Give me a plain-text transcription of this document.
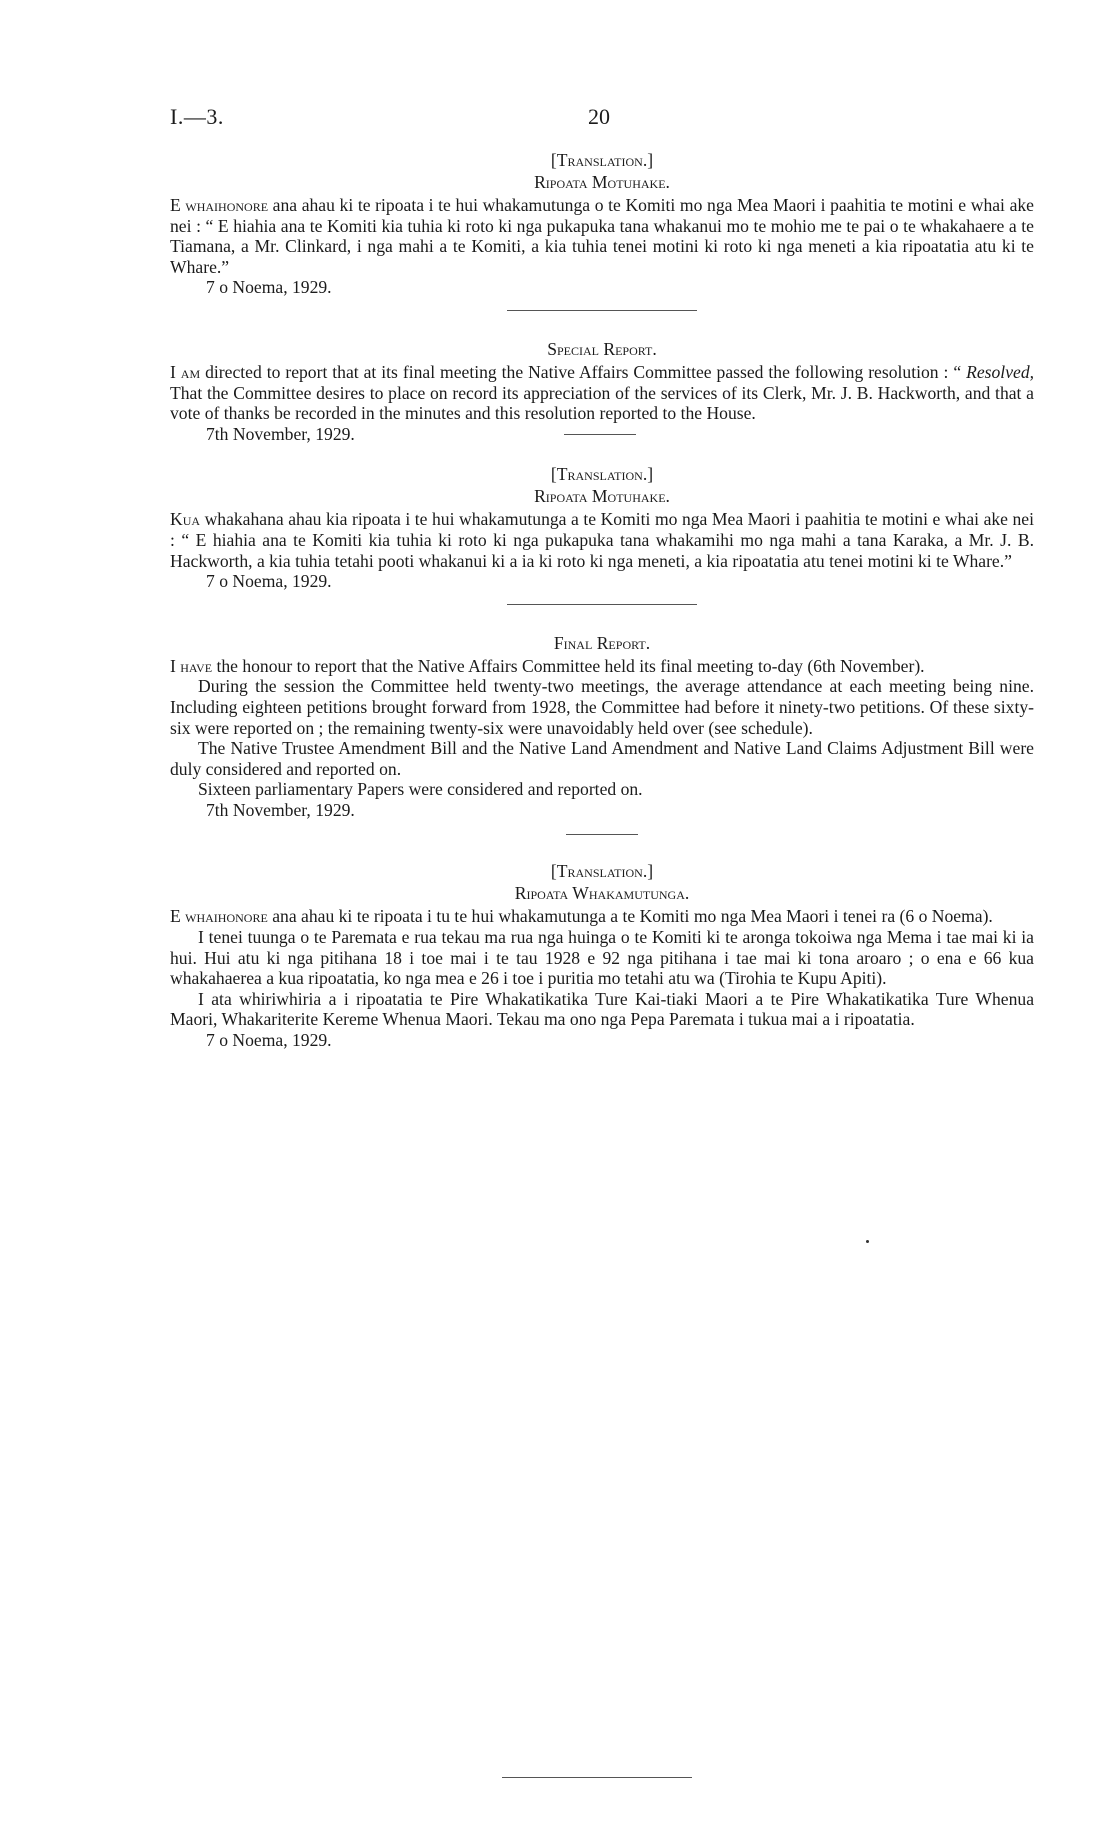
I.—3.	20
[Translation.]
Ripoata Motuhake.

E whaihonore ana ahau ki te ripoata i te hui whakamutunga o te Komiti mo nga Mea Maori i paahitia te motini e whai ake nei : “ E hiahia ana te Komiti kia tuhia ki roto ki nga pukapuka tana whakanui mo te mohio me te pai o te whakahaere a te Tiamana, a Mr. Clinkard, i nga mahi a te Komiti, a kia tuhia tenei motini ki roto ki nga meneti a kia ripoatatia atu ki te Whare.”

7 o Noema, 1929.
Special Report.

I am directed to report that at its final meeting the Native Affairs Committee passed the following resolution : “ Resolved, That the Committee desires to place on record its appreciation of the services of its Clerk, Mr. J. B. Hackworth, and that a vote of thanks be recorded in the minutes and this resolution reported to the House.

7th November, 1929.
[Translation.]
Ripoata Motuhake.

Kua whakahana ahau kia ripoata i te hui whakamutunga a te Komiti mo nga Mea Maori i paahitia te motini e whai ake nei : “ E hiahia ana te Komiti kia tuhia ki roto ki nga pukapuka tana whakamihi mo nga mahi a tana Karaka, a Mr. J. B. Hackworth, a kia tuhia tetahi pooti whakanui ki a ia ki roto ki nga meneti, a kia ripoatatia atu tenei motini ki te Whare.”

7 o Noema, 1929.
Final Report.

I have the honour to report that the Native Affairs Committee held its final meeting to-day (6th November).

During the session the Committee held twenty-two meetings, the average attendance at each meeting being nine. Including eighteen petitions brought forward from 1928, the Committee had before it ninety-two petitions. Of these sixty-six were reported on ; the remaining twenty-six were unavoidably held over (see schedule).

The Native Trustee Amendment Bill and the Native Land Amendment and Native Land Claims Adjustment Bill were duly considered and reported on.

Sixteen parliamentary Papers were considered and reported on.

7th November, 1929.
[Translation.]
Ripoata Whakamutunga.

E whaihonore ana ahau ki te ripoata i tu te hui whakamutunga a te Komiti mo nga Mea Maori i tenei ra (6 o Noema).

I tenei tuunga o te Paremata e rua tekau ma rua nga huinga o te Komiti ki te aronga tokoiwa nga Mema i tae mai ki ia hui. Hui atu ki nga pitihana 18 i toe mai i te tau 1928 e 92 nga pitihana i tae mai ki tona aroaro ; o ena e 66 kua whakahaerea a kua ripoatatia, ko nga mea e 26 i toe i puritia mo tetahi atu wa (Tirohia te Kupu Apiti).

I ata whiriwhiria a i ripoatatia te Pire Whakatikatika Ture Kai-tiaki Maori a te Pire Whakatikatika Ture Whenua Maori, Whakariterite Kereme Whenua Maori. Tekau ma ono nga Pepa Paremata i tukua mai a i ripoatatia.

7 o Noema, 1929.
